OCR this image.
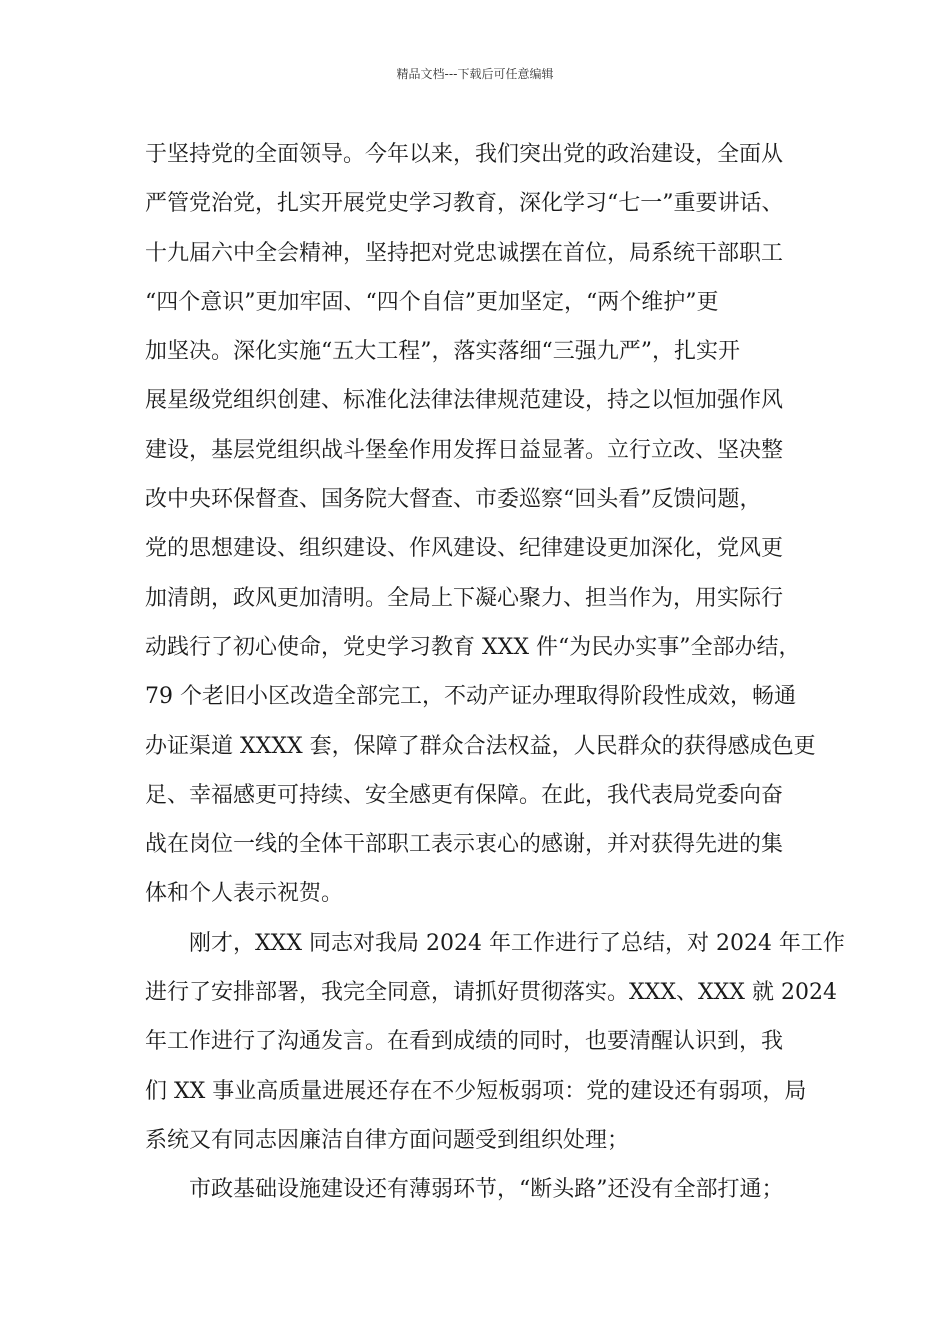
精品文档---下载后可任意编辑
于坚持党的全面领导。今年以来，我们突出党的政治建设，全面从
严管党治党，扎实开展党史学习教育，深化学习“七一”重要讲话、
十九届六中全会精神，坚持把对党忠诚摆在首位，局系统干部职工
“四个意识”更加牢固、“四个自信”更加坚定，“两个维护”更
加坚决。深化实施“五大工程”，落实落细“三强九严”，扎实开
展星级党组织创建、标准化法律法律规范建设，持之以恒加强作风
建设，基层党组织战斗堡垒作用发挥日益显著。立行立改、坚决整
改中央环保督查、国务院大督查、市委巡察“回头看”反馈问题，
党的思想建设、组织建设、作风建设、纪律建设更加深化，党风更
加清朗，政风更加清明。全局上下凝心聚力、担当作为，用实际行
动践行了初心使命，党史学习教育 XXX 件“为民办实事”全部办结，
79 个老旧小区改造全部完工，不动产证办理取得阶段性成效，畅通
办证渠道 XXXX 套，保障了群众合法权益，人民群众的获得感成色更
足、幸福感更可持续、安全感更有保障。在此，我代表局党委向奋
战在岗位一线的全体干部职工表示衷心的感谢，并对获得先进的集
体和个人表示祝贺。
刚才，XXX 同志对我局 2024 年工作进行了总结，对 2024 年工作
进行了安排部署，我完全同意，请抓好贯彻落实。XXX、XXX 就 2024
年工作进行了沟通发言。在看到成绩的同时，也要清醒认识到，我
们 XX 事业高质量进展还存在不少短板弱项：党的建设还有弱项，局
系统又有同志因廉洁自律方面问题受到组织处理；
市政基础设施建设还有薄弱环节，“断头路”还没有全部打通；
